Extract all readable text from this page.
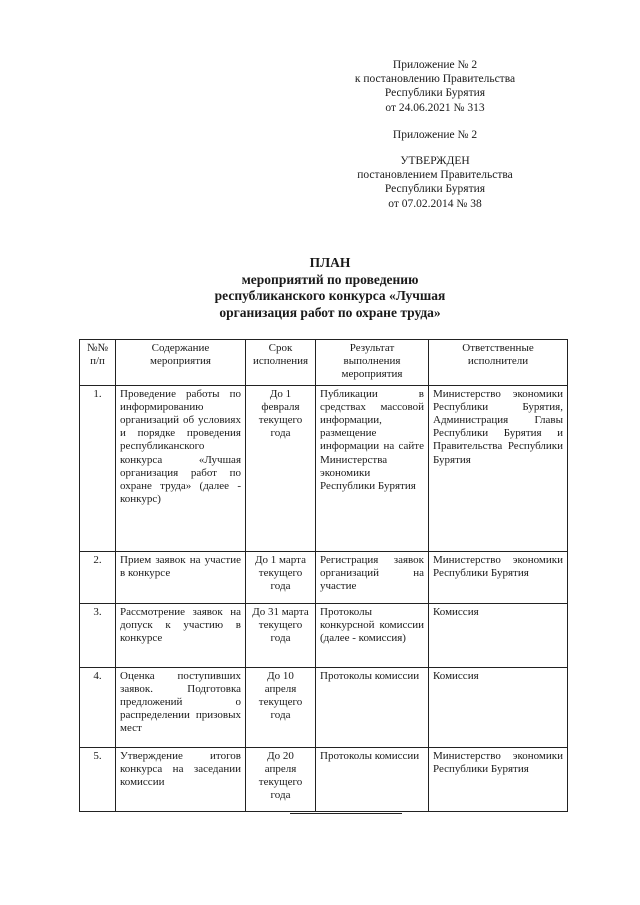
Приложение № 2
к постановлению Правительства
Республики Бурятия
от 24.06.2021 № 313
Приложение № 2
УТВЕРЖДЕН
постановлением Правительства
Республики Бурятия
от 07.02.2014 № 38
ПЛАН
мероприятий по проведению
республиканского конкурса «Лучшая
организация работ по охране труда»
№№ п/п	Содержание мероприятия	Срок исполнения	Результат выполнения мероприятия	Ответственные исполнители
1.	Проведение работы по информированию организаций об условиях и порядке проведения республиканского конкурса «Лучшая организация работ по охране труда» (далее - конкурс)	До 1 февраля текущего года	Публикации в средствах массовой информации, размещение информации на сайте Министерства экономики Республики Бурятия	Министерство экономики Республики Бурятия, Администрация Главы Республики Бурятия и Правительства Республики Бурятия
2.	Прием заявок на участие в конкурсе	До 1 марта текущего года	Регистрация заявок организаций на участие	Министерство экономики Республики Бурятия
3.	Рассмотрение заявок на допуск к участию в конкурсе	До 31 марта текущего года	Протоколы конкурсной комиссии (далее - комиссия)	Комиссия
4.	Оценка поступивших заявок. Подготовка предложений о распределении призовых мест	До 10 апреля текущего года	Протоколы комиссии	Комиссия
5.	Утверждение итогов конкурса на заседании комиссии	До 20 апреля текущего года	Протоколы комиссии	Министерство экономики Республики Бурятия
